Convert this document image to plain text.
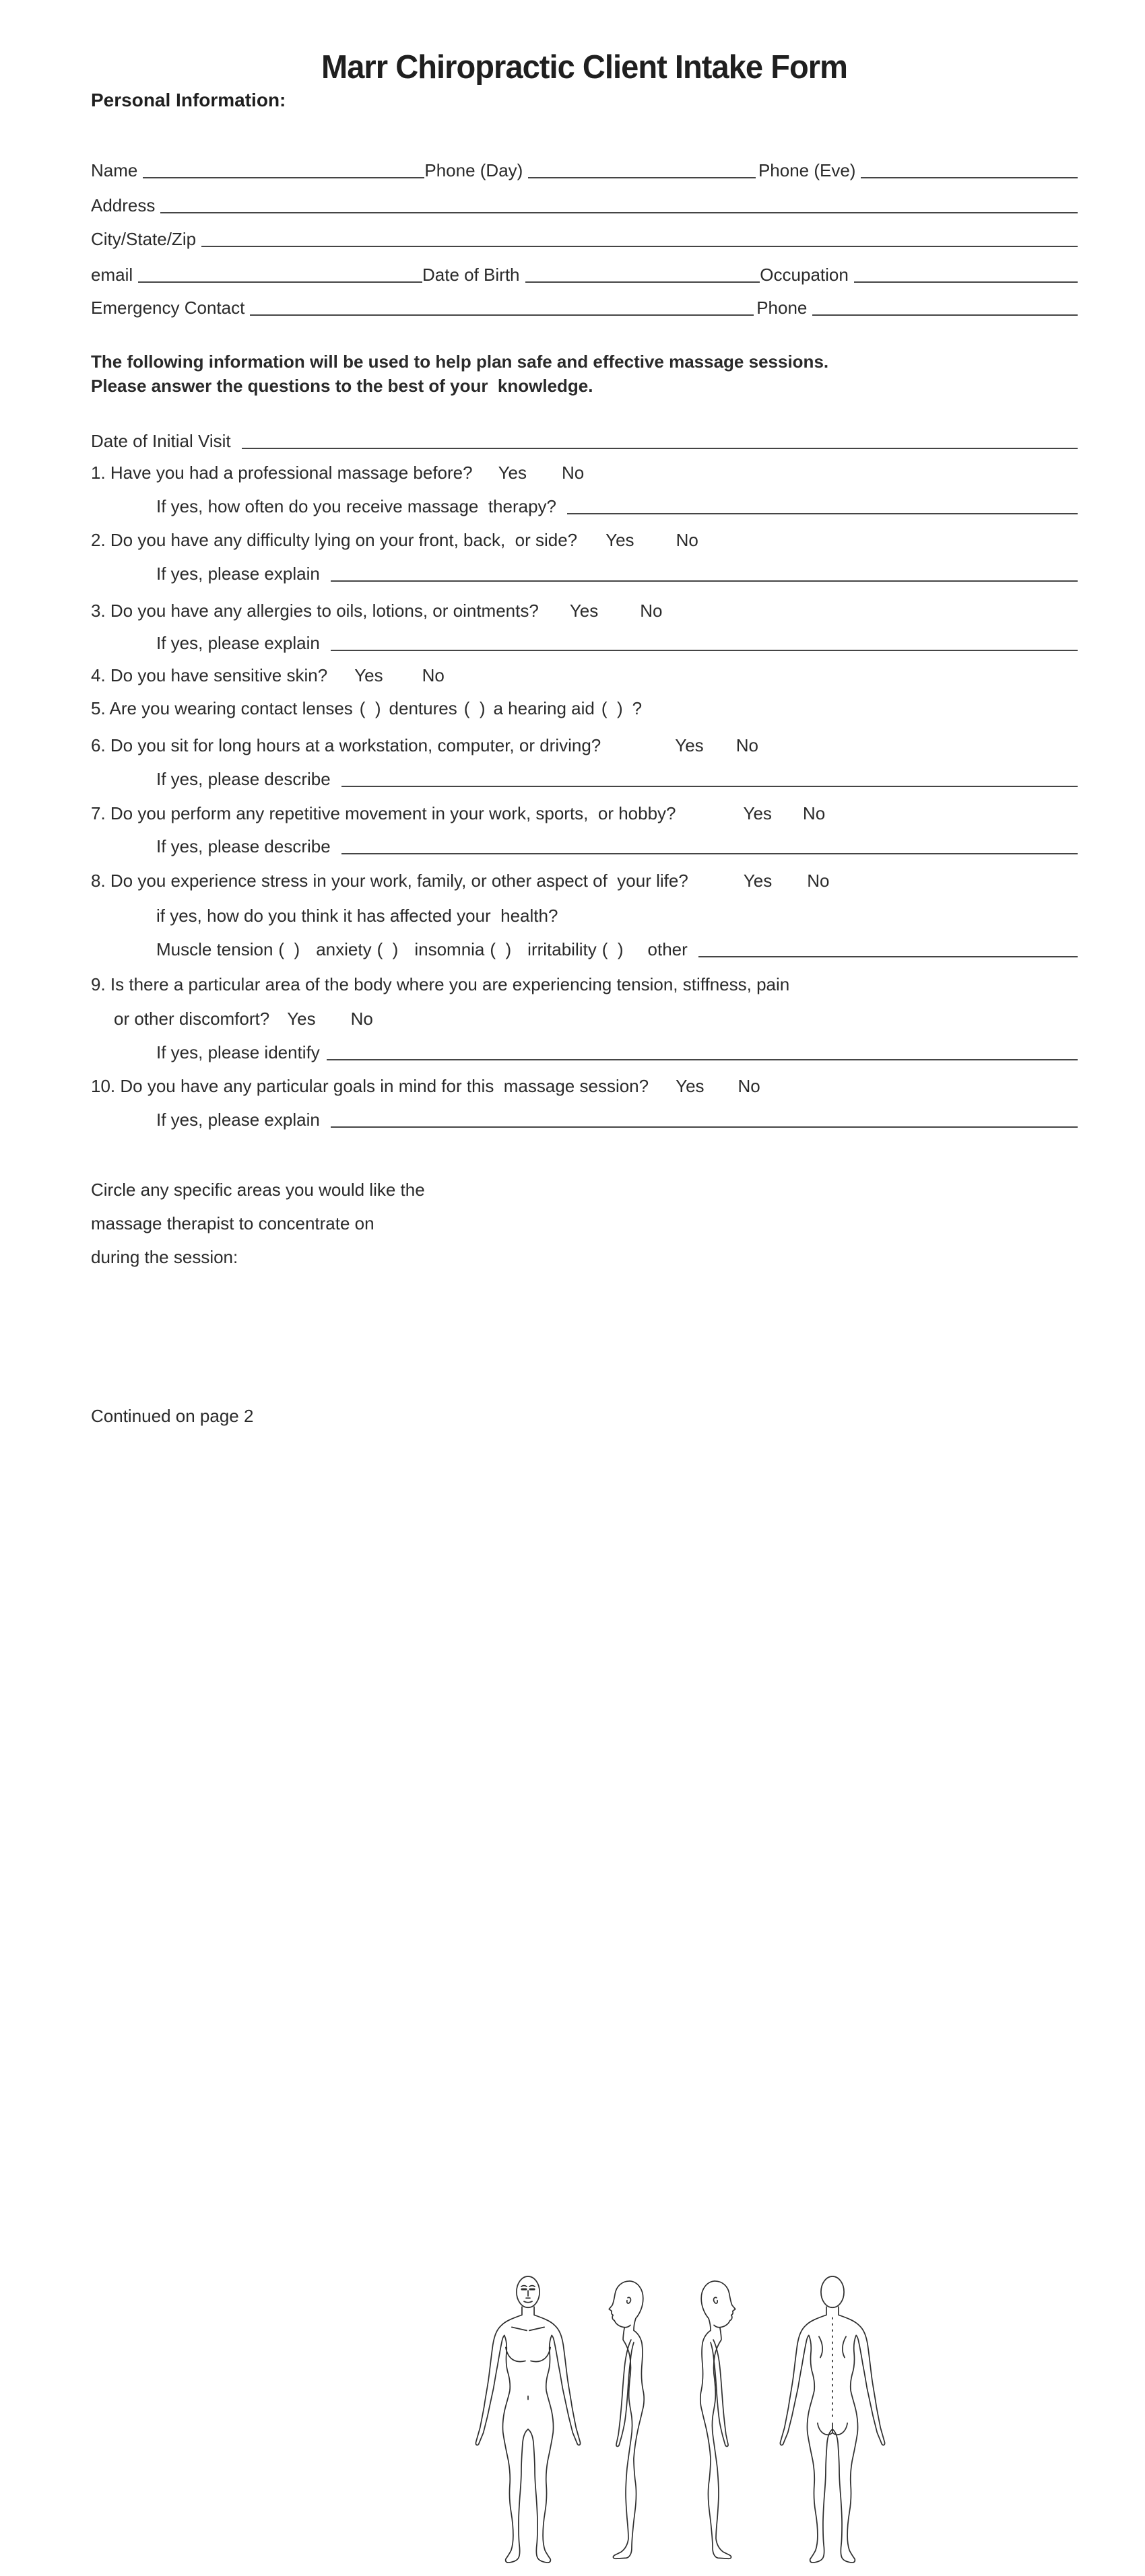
Marr Chiropractic Client Intake Form
Personal Information:
Name	Phone (Day)	Phone (Eve)
Address
City/State/Zip
email	Date of Birth	Occupation
Emergency Contact	Phone
The following information will be used to help plan safe and effective massage sessions.
Please answer the questions to the best of your  knowledge.
Date of Initial Visit
1. Have you had a professional massage before? Yes No
If yes, how often do you receive massage  therapy?
2. Do you have any difficulty lying on your front, back,  or side? Yes No
If yes, please explain
3. Do you have any allergies to oils, lotions, or ointments? Yes No
If yes, please explain
4. Do you have sensitive skin? Yes No
5. Are you wearing contact lenses (  ) dentures (  ) a hearing aid (  ) ?
6. Do you sit for long hours at a workstation, computer, or driving?	Yes No
If yes, please describe
7. Do you perform any repetitive movement in your work, sports,  or hobby?	Yes No
If yes, please describe
8. Do you experience stress in your work, family, or other aspect of  your life?	Yes No
if yes, how do you think it has affected your  health?
Muscle tension (  ) anxiety (  ) insomnia (  ) irritability (  ) other
9. Is there a particular area of the body where you are experiencing tension, stiffness, pain
or other discomfort? Yes No
If yes, please identify
10. Do you have any particular goals in mind for this  massage session? Yes No
If yes, please explain
Circle any specific areas you would like the
massage therapist to concentrate on
during the session:
Continued on page 2
